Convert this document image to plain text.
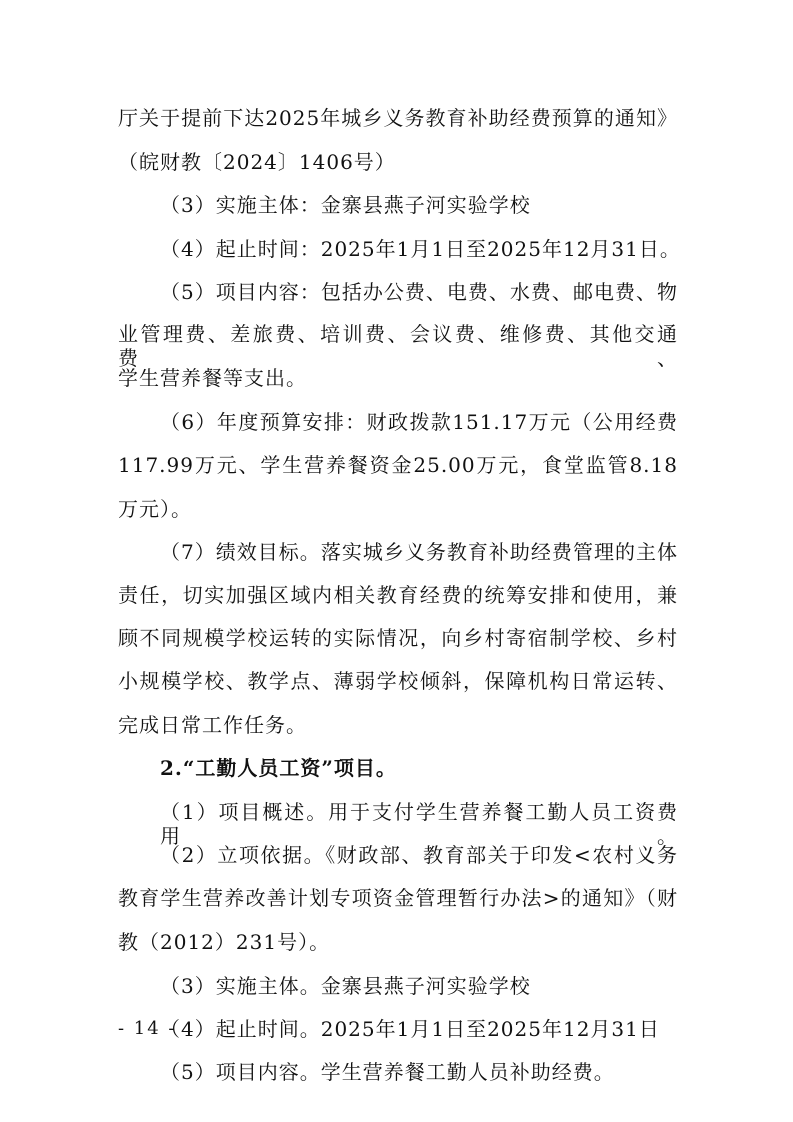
厅关于提前下达2025年城乡义务教育补助经费预算的通知》
（皖财教〔2024〕1406号）
（3）实施主体：金寨县燕子河实验学校
（4）起止时间：2025年1月1日至2025年12月31日。
（5）项目内容：包括办公费、电费、水费、邮电费、物
业管理费、差旅费、培训费、会议费、维修费、其他交通费、
学生营养餐等支出。
（6）年度预算安排：财政拨款151.17万元（公用经费
117.99万元、学生营养餐资金25.00万元，食堂监管8.18
万元）。
（7）绩效目标。落实城乡义务教育补助经费管理的主体
责任，切实加强区域内相关教育经费的统筹安排和使用，兼
顾不同规模学校运转的实际情况，向乡村寄宿制学校、乡村
小规模学校、教学点、薄弱学校倾斜，保障机构日常运转、
完成日常工作任务。
2.“工勤人员工资”项目。
（1）项目概述。用于支付学生营养餐工勤人员工资费用。
（2）立项依据。《财政部、教育部关于印发<农村义务
教育学生营养改善计划专项资金管理暂行办法>的通知》（财
教（2012）231号）。
（3）实施主体。金寨县燕子河实验学校
（4）起止时间。2025年1月1日至2025年12月31日
（5）项目内容。学生营养餐工勤人员补助经费。
- 14 -
